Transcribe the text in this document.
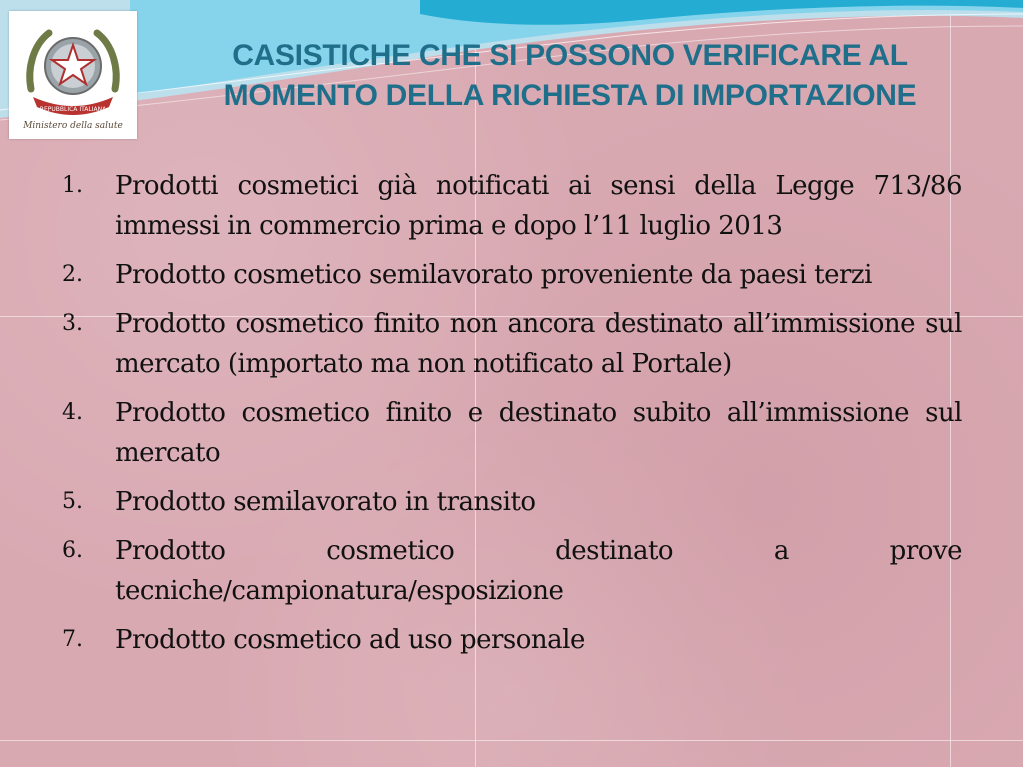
REPUBBLICA ITALIANA
Ministero della salute
CASISTICHE CHE SI POSSONO VERIFICARE AL
MOMENTO DELLA RICHIESTA DI IMPORTAZIONE
1.	Prodotti cosmetici già notificati ai sensi della Legge 713/86 immessi in commercio prima e dopo l’11 luglio 2013
2.	Prodotto cosmetico semilavorato proveniente da paesi terzi
3.	Prodotto cosmetico finito non ancora destinato all’immissione sul mercato (importato ma non notificato al Portale)
4.	Prodotto cosmetico finito e destinato subito all’immissione sul mercato
5.	Prodotto semilavorato in transito
6.	Prodotto cosmetico destinato a prove tecniche/campionatura/esposizione
7.	Prodotto cosmetico ad uso personale
